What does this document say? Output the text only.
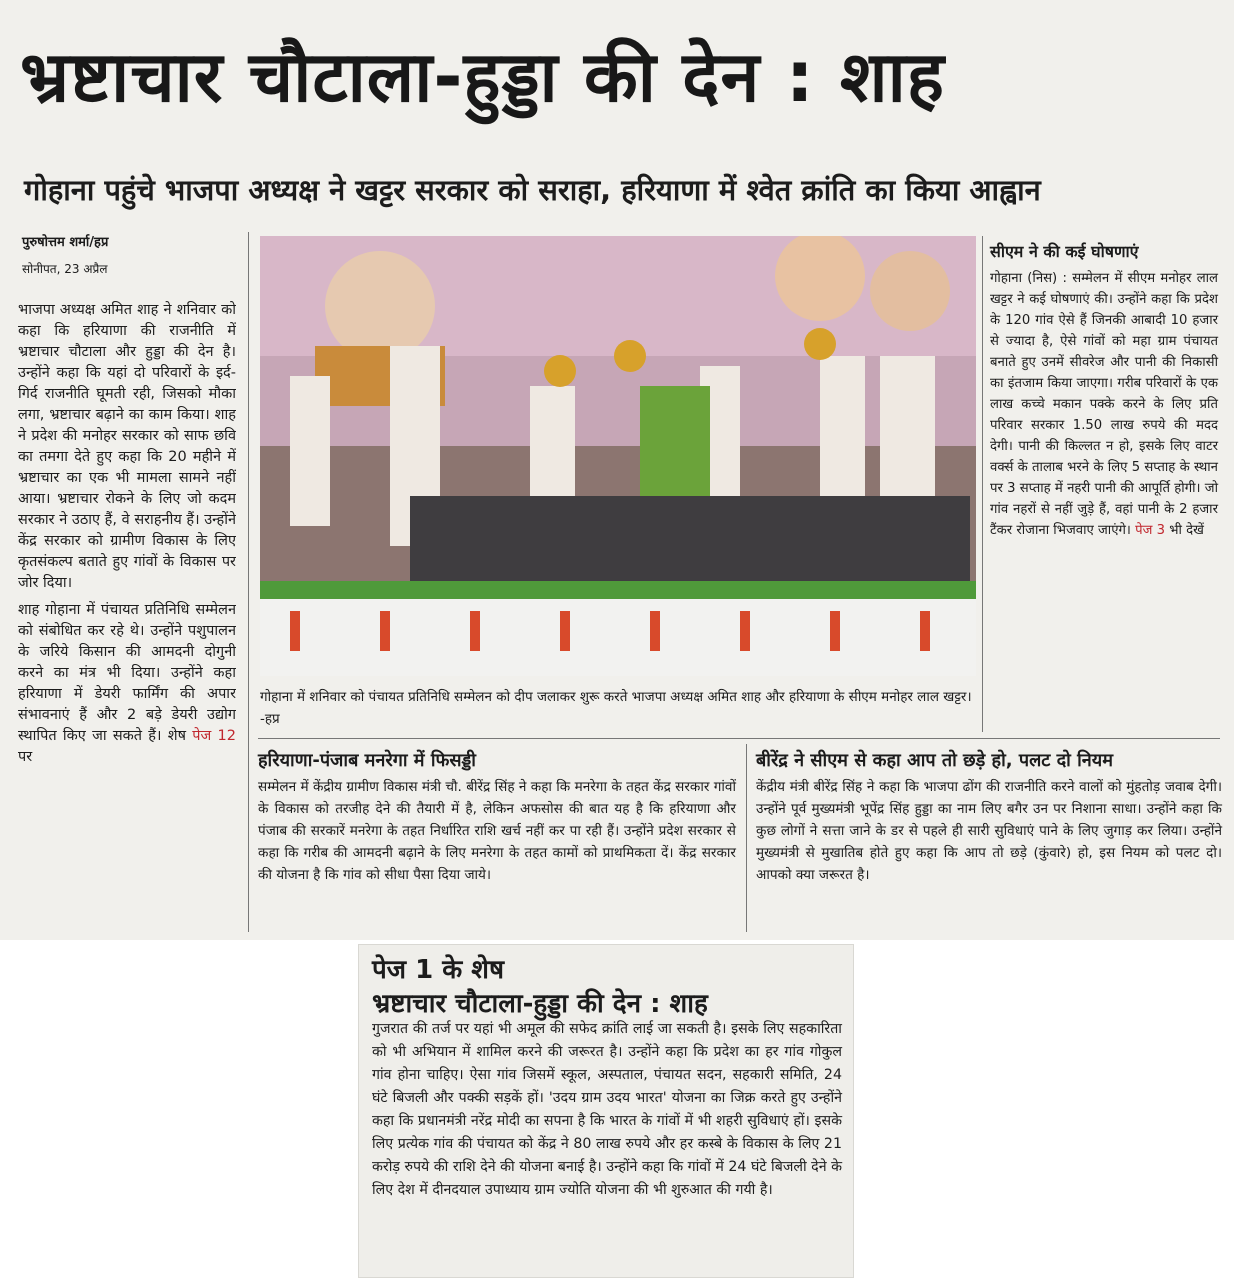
भ्रष्टाचार चौटाला-हुड्डा की देन : शाह
गोहाना पहुंचे भाजपा अध्यक्ष ने खट्टर सरकार को सराहा, हरियाणा में श्वेत क्रांति का किया आह्वान
पुरुषोत्तम शर्मा/हप्र
सोनीपत, 23 अप्रैल

भाजपा अध्यक्ष अमित शाह ने शनिवार को कहा कि हरियाणा की राजनीति में भ्रष्टाचार चौटाला और हुड्डा की देन है। उन्होंने कहा कि यहां दो परिवारों के इर्द-गिर्द राजनीति घूमती रही, जिसको मौका लगा, भ्रष्टाचार बढ़ाने का काम किया। शाह ने प्रदेश की मनोहर सरकार को साफ छवि का तमगा देते हुए कहा कि 20 महीने में भ्रष्टाचार का एक भी मामला सामने नहीं आया। भ्रष्टाचार रोकने के लिए जो कदम सरकार ने उठाए हैं, वे सराहनीय हैं। उन्होंने केंद्र सरकार को ग्रामीण विकास के लिए कृतसंकल्प बताते हुए गांवों के विकास पर जोर दिया।

शाह गोहाना में पंचायत प्रतिनिधि सम्मेलन को संबोधित कर रहे थे। उन्होंने पशुपालन के जरिये किसान की आमदनी दोगुनी करने का मंत्र भी दिया। उन्होंने कहा हरियाणा में डेयरी फार्मिंग की अपार संभावनाएं हैं और 2 बड़े डेयरी उद्योग स्थापित किए जा सकते हैं। शेष पेज 12 पर

गोहाना में शनिवार को पंचायत प्रतिनिधि सम्मेलन को दीप जलाकर शुरू करते भाजपा अध्यक्ष अमित शाह और हरियाणा के सीएम मनोहर लाल खट्टर। -हप्र
सीएम ने की कई घोषणाएं
गोहाना (निस) : सम्मेलन में सीएम मनोहर लाल खट्टर ने कई घोषणाएं की। उन्होंने कहा कि प्रदेश के 120 गांव ऐसे हैं जिनकी आबादी 10 हजार से ज्यादा है, ऐसे गांवों को महा ग्राम पंचायत बनाते हुए उनमें सीवरेज और पानी की निकासी का इंतजाम किया जाएगा। गरीब परिवारों के एक लाख कच्चे मकान पक्के करने के लिए प्रति परिवार सरकार 1.50 लाख रुपये की मदद देगी। पानी की किल्लत न हो, इसके लिए वाटर वर्क्स के तालाब भरने के लिए 5 सप्ताह के स्थान पर 3 सप्ताह में नहरी पानी की आपूर्ति होगी। जो गांव नहरों से नहीं जुड़े हैं, वहां पानी के 2 हजार टैंकर रोजाना भिजवाए जाएंगे। पेज 3 भी देखें
हरियाणा-पंजाब मनरेगा में फिसड्डी
सम्मेलन में केंद्रीय ग्रामीण विकास मंत्री चौ. बीरेंद्र सिंह ने कहा कि मनरेगा के तहत केंद्र सरकार गांवों के विकास को तरजीह देने की तैयारी में है, लेकिन अफसोस की बात यह है कि हरियाणा और पंजाब की सरकारें मनरेगा के तहत निर्धारित राशि खर्च नहीं कर पा रही हैं। उन्होंने प्रदेश सरकार से कहा कि गरीब की आमदनी बढ़ाने के लिए मनरेगा के तहत कामों को प्राथमिकता दें। केंद्र सरकार की योजना है कि गांव को सीधा पैसा दिया जाये।
बीरेंद्र ने सीएम से कहा आप तो छड़े हो, पलट दो नियम
केंद्रीय मंत्री बीरेंद्र सिंह ने कहा कि भाजपा ढोंग की राजनीति करने वालों को मुंहतोड़ जवाब देगी। उन्होंने पूर्व मुख्यमंत्री भूपेंद्र सिंह हुड्डा का नाम लिए बगैर उन पर निशाना साधा। उन्होंने कहा कि कुछ लोगों ने सत्ता जाने के डर से पहले ही सारी सुविधाएं पाने के लिए जुगाड़ कर लिया। उन्होंने मुख्यमंत्री से मुखातिब होते हुए कहा कि आप तो छड़े (कुंवारे) हो, इस नियम को पलट दो। आपको क्या जरूरत है।
पेज 1 के शेष
भ्रष्टाचार चौटाला-हुड्डा की देन : शाह
गुजरात की तर्ज पर यहां भी अमूल की सफेद क्रांति लाई जा सकती है। इसके लिए सहकारिता को भी अभियान में शामिल करने की जरूरत है। उन्होंने कहा कि प्रदेश का हर गांव गोकुल गांव होना चाहिए। ऐसा गांव जिसमें स्कूल, अस्पताल, पंचायत सदन, सहकारी समिति, 24 घंटे बिजली और पक्की सड़कें हों। 'उदय ग्राम उदय भारत' योजना का जिक्र करते हुए उन्होंने कहा कि प्रधानमंत्री नरेंद्र मोदी का सपना है कि भारत के गांवों में भी शहरी सुविधाएं हों। इसके लिए प्रत्येक गांव की पंचायत को केंद्र ने 80 लाख रुपये और हर कस्बे के विकास के लिए 21 करोड़ रुपये की राशि देने की योजना बनाई है। उन्होंने कहा कि गांवों में 24 घंटे बिजली देने के लिए देश में दीनदयाल उपाध्याय ग्राम ज्योति योजना की भी शुरुआत की गयी है।
